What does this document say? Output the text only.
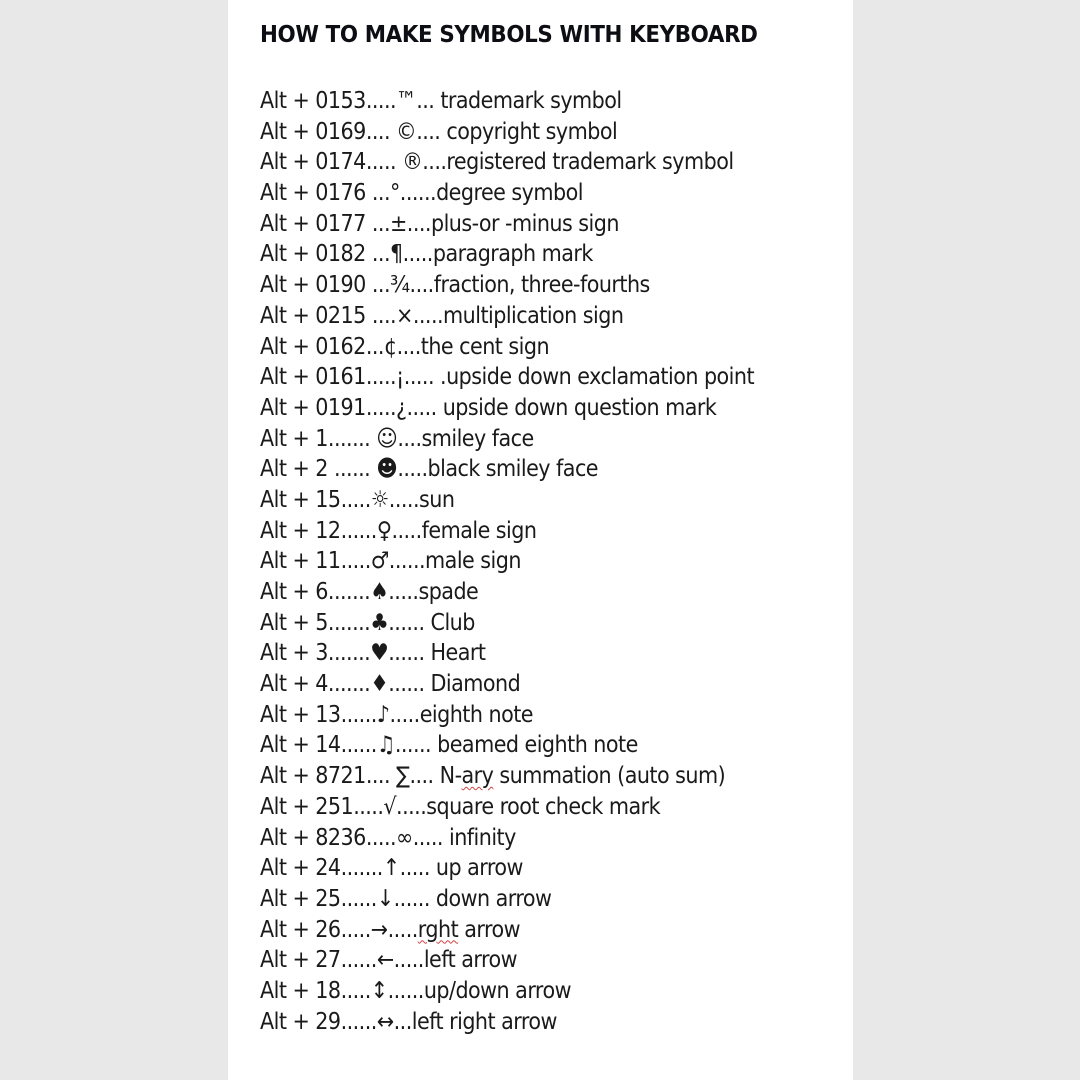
HOW TO MAKE SYMBOLS WITH KEYBOARD
Alt + 0153.....™... trademark symbol
Alt + 0169.... ©.... copyright symbol
Alt + 0174..... ®....registered trademark symbol
Alt + 0176 ...°......degree symbol
Alt + 0177 ...±....plus-or -minus sign
Alt + 0182 ...¶.....paragraph mark
Alt + 0190 ...¾....fraction, three-fourths
Alt + 0215 ....×.....multiplication sign
Alt + 0162...¢....the cent sign
Alt + 0161.....¡..... .upside down exclamation point
Alt + 0191.....¿..... upside down question mark
Alt + 1....... ☺....smiley face
Alt + 2 ...... ☻.....black smiley face
Alt + 15.....☼.....sun
Alt + 12......♀.....female sign
Alt + 11.....♂......male sign
Alt + 6.......♠.....spade
Alt + 5.......♣...... Club
Alt + 3.......♥...... Heart
Alt + 4.......♦...... Diamond
Alt + 13......♪.....eighth note
Alt + 14......♫...... beamed eighth note
Alt + 8721.... ∑.... N-ary summation (auto sum)
Alt + 251.....√.....square root check mark
Alt + 8236.....∞..... infinity
Alt + 24.......↑..... up arrow
Alt + 25......↓...... down arrow
Alt + 26.....→.....rght arrow
Alt + 27......←.....left arrow
Alt + 18.....↕......up/down arrow
Alt + 29......↔...left right arrow
